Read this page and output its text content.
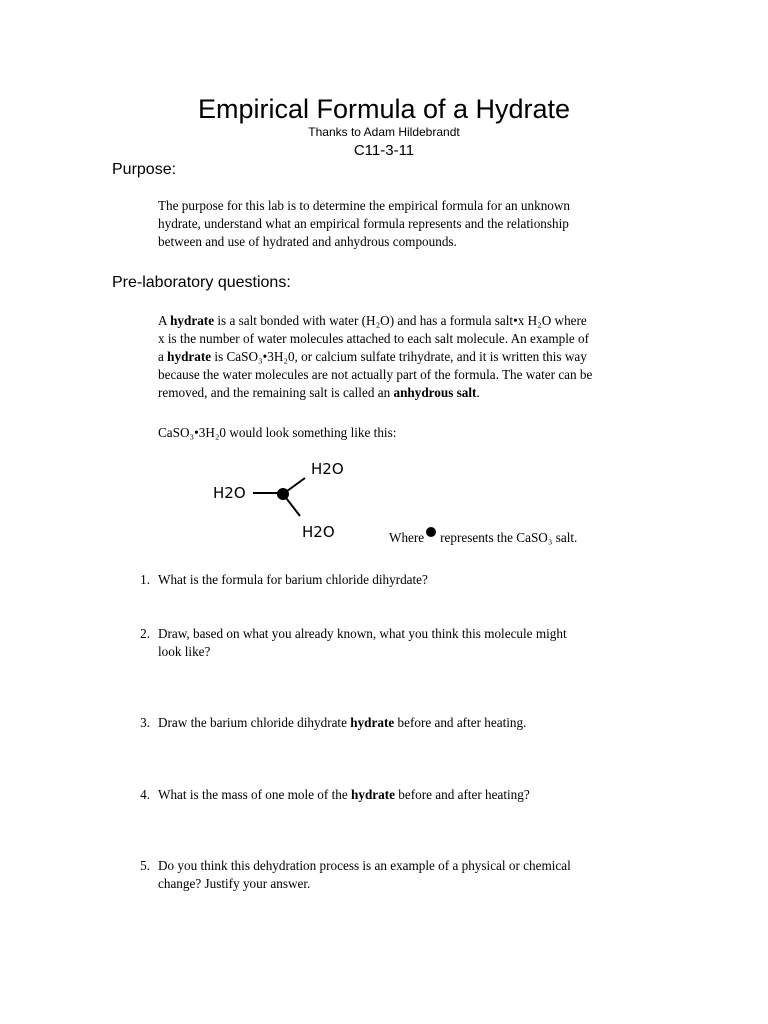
Empirical Formula of a Hydrate
Thanks to Adam Hildebrandt
C11-3-11
Purpose:
The purpose for this lab is to determine the empirical formula for an unknown
hydrate, understand what an empirical formula represents and the relationship
between and use of hydrated and anhydrous compounds.
Pre-laboratory questions:
A hydrate is a salt bonded with water (H₂O) and has a formula salt•x H₂O where
x is the number of water molecules attached to each salt molecule. An example of
a hydrate is CaSO₃•3H₂0, or calcium sulfate trihydrate, and it is written this way
because the water molecules are not actually part of the formula. The water can be
removed, and the remaining salt is called an anhydrous salt.
CaSO₃•3H₂0 would look something like this:
H2O
H2O
H2O	Where represents the CaSO₃ salt.
1. What is the formula for barium chloride dihyrdate?
2. Draw, based on what you already known, what you think this molecule might
look like?
3. Draw the barium chloride dihydrate hydrate before and after heating.
4. What is the mass of one mole of the hydrate before and after heating?
5. Do you think this dehydration process is an example of a physical or chemical
change? Justify your answer.
